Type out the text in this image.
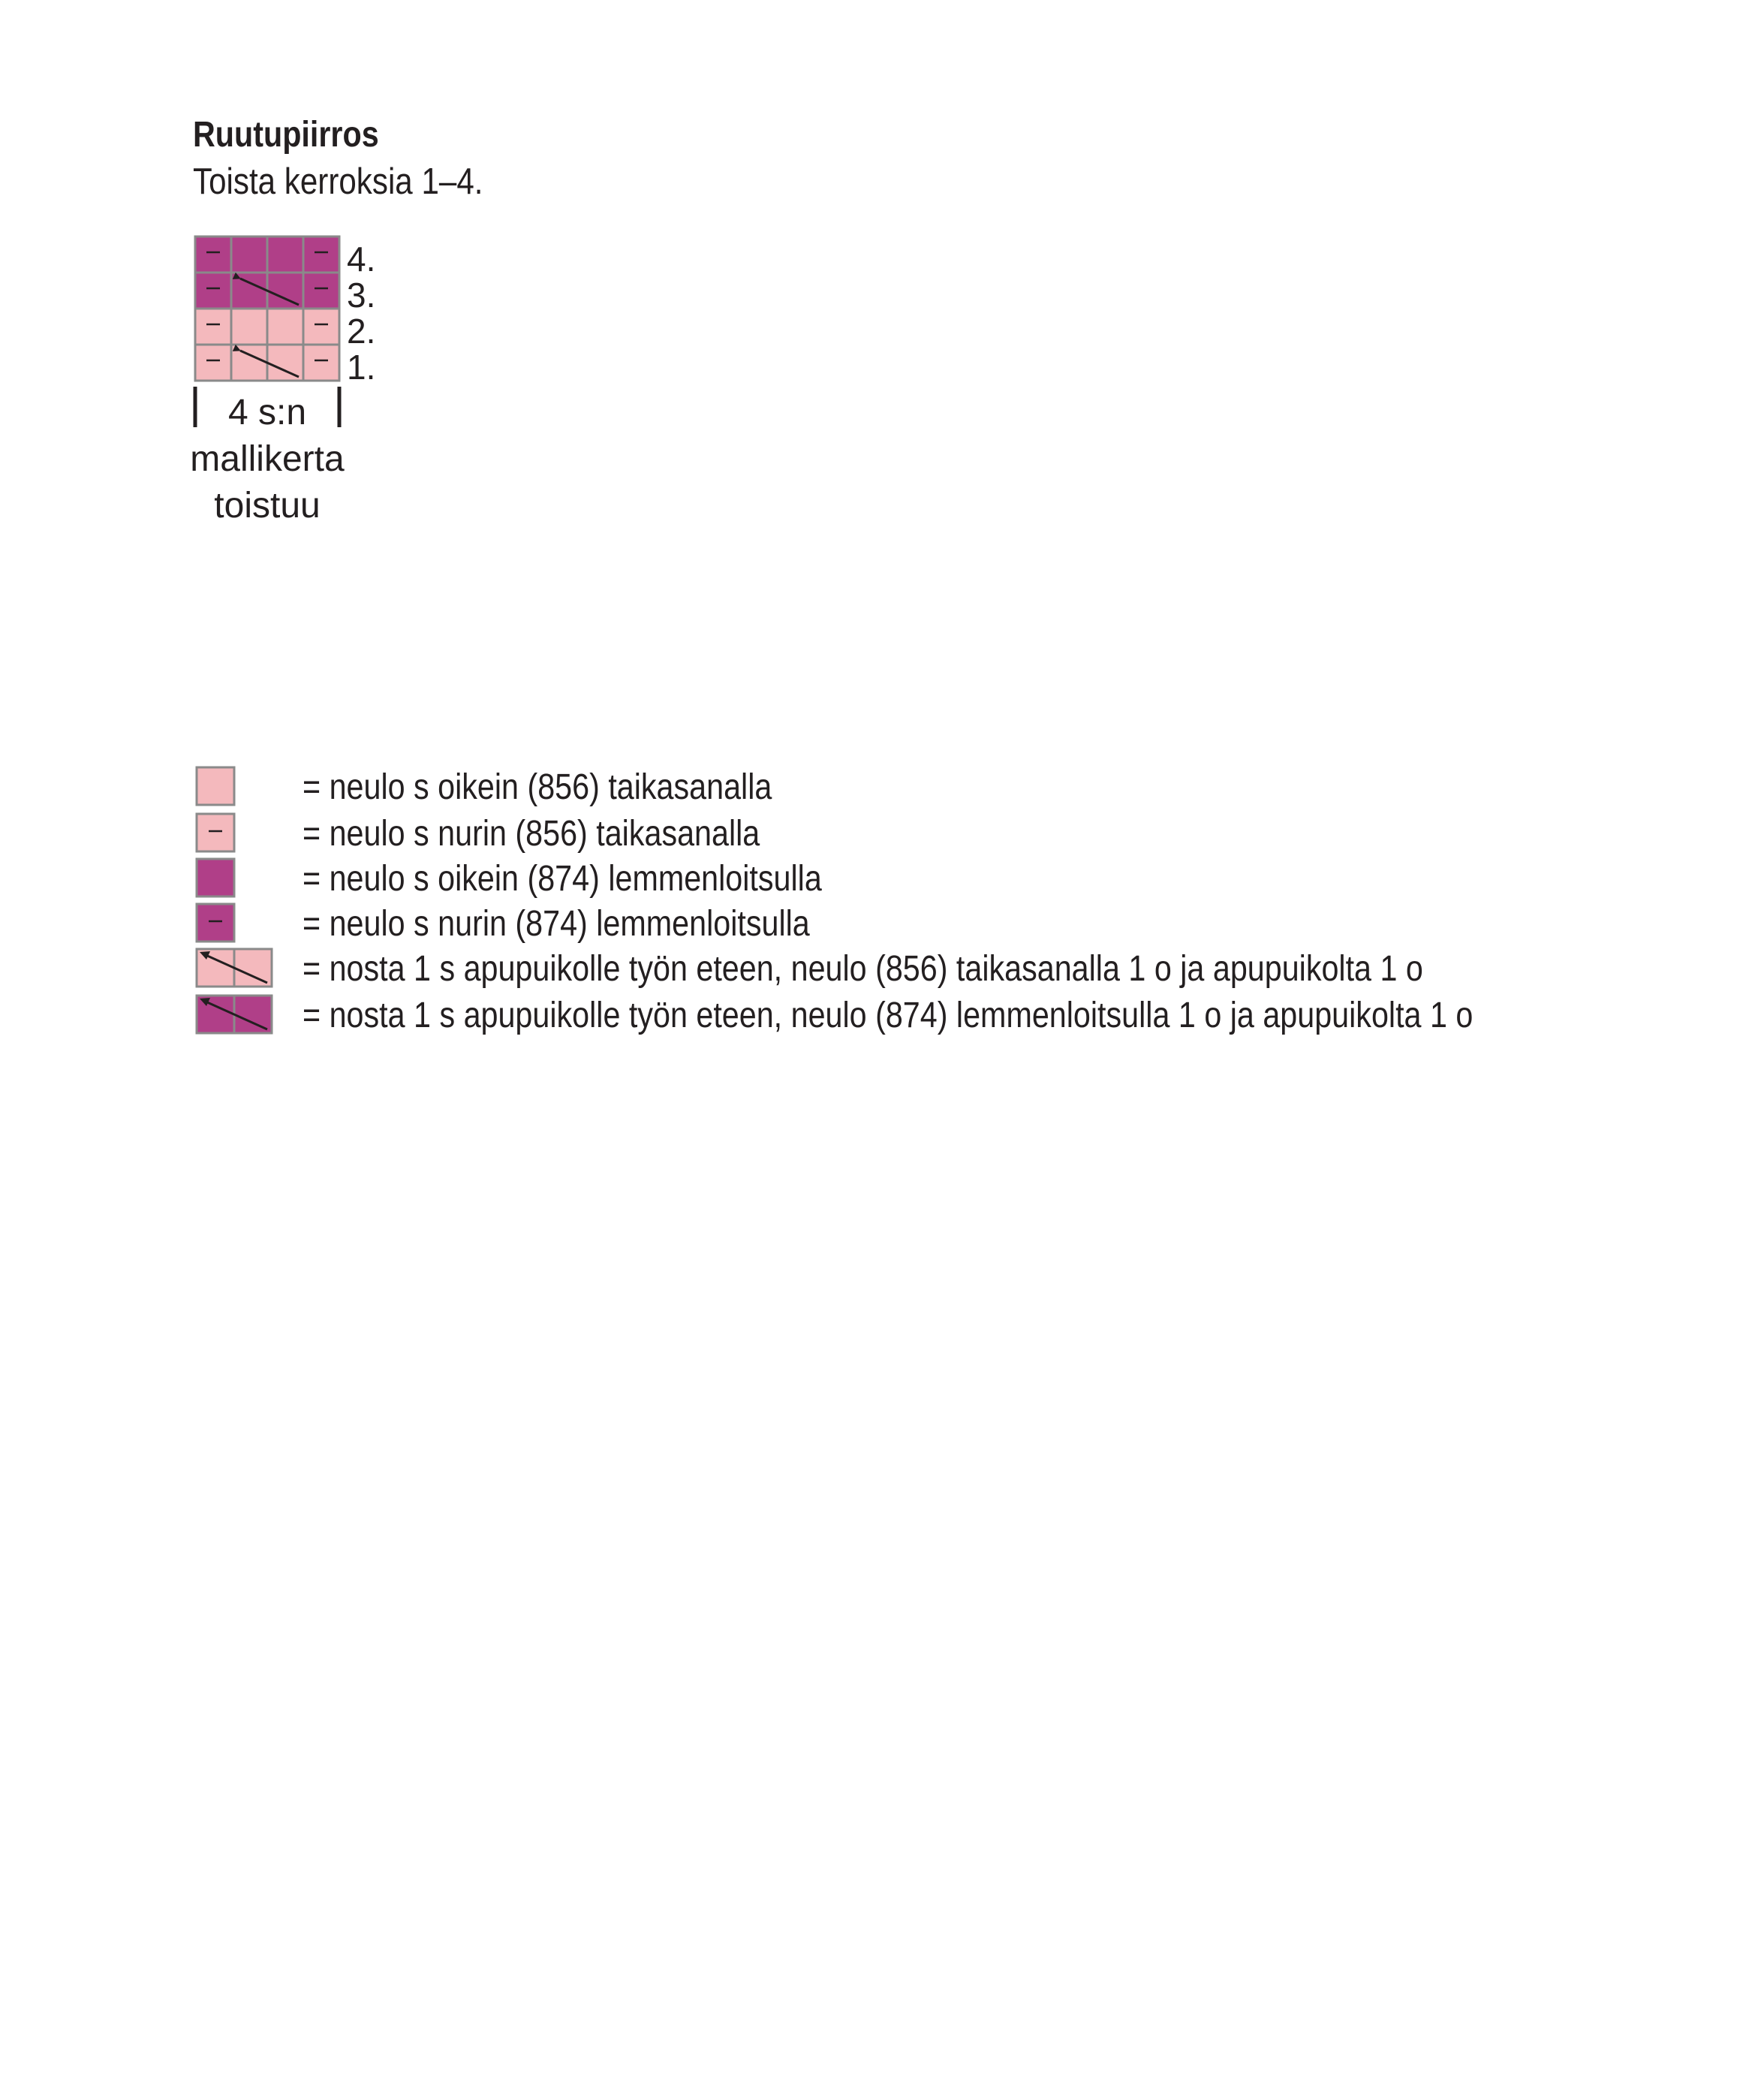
Ruutupiirros

Toista kerroksia 1–4.

4.
3.
2.
1.
4 s:n
mallikerta
toistuu
= neulo s oikein (856) taikasanalla
= neulo s nurin (856) taikasanalla
= neulo s oikein (874) lemmenloitsulla
= neulo s nurin (874) lemmenloitsulla
= nosta 1 s apupuikolle työn eteen, neulo (856) taikasanalla 1 o ja apupuikolta 1 o
= nosta 1 s apupuikolle työn eteen, neulo (874) lemmenloitsulla 1 o ja apupuikolta 1 o
